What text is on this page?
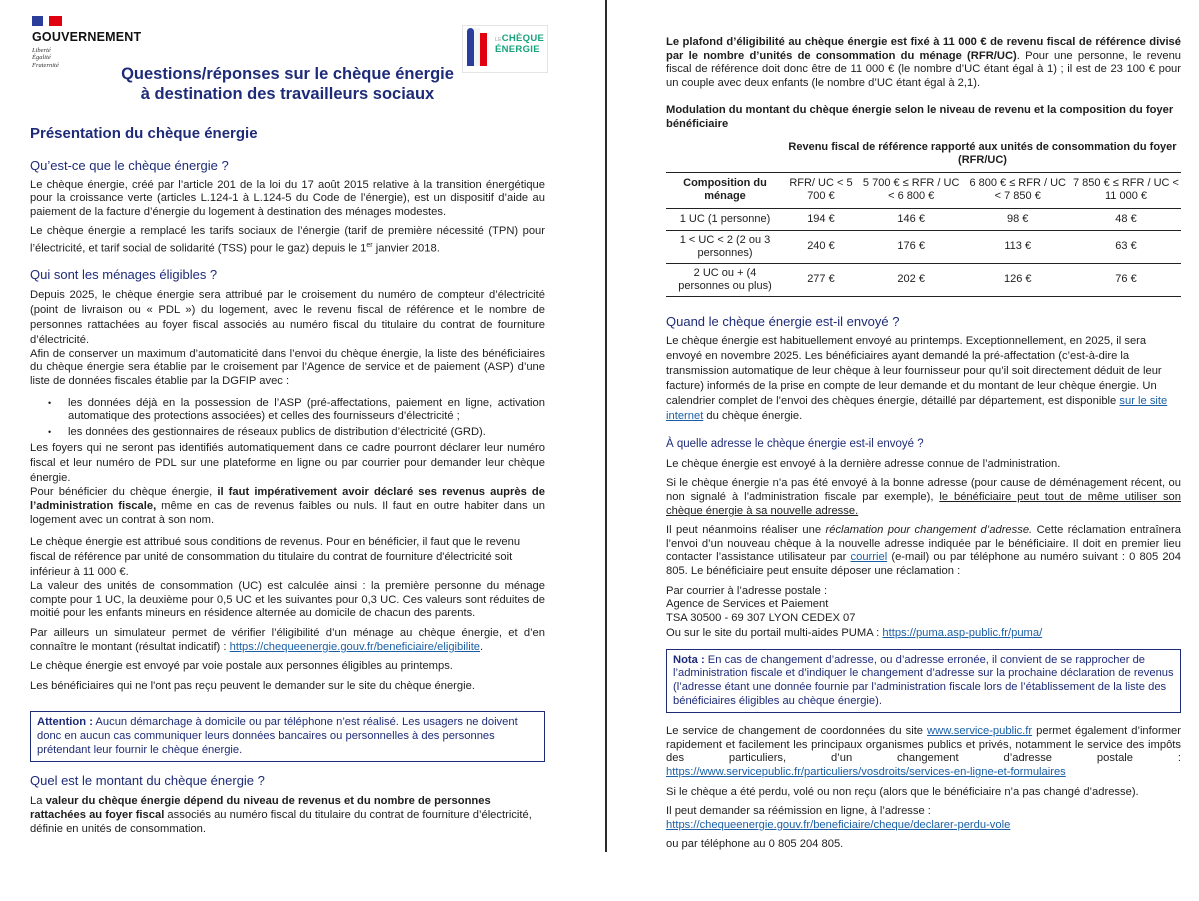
GOUVERNEMENT
Liberté
Égalité
Fraternité
LECHÈQUE
ÉNERGIE
Questions/réponses sur le chèque énergie
à destination des travailleurs sociaux
Présentation du chèque énergie
Qu’est-ce que le chèque énergie ?

Le chèque énergie, créé par l’article 201 de la loi du 17 août 2015 relative à la transition énergétique pour la croissance verte (articles L.124-1 à L.124-5 du Code de l’énergie), est un dispositif d’aide au paiement de la facture d’énergie du logement à destination des ménages modestes.

Le chèque énergie a remplacé les tarifs sociaux de l’énergie (tarif de première nécessité (TPN) pour l’électricité, et tarif social de solidarité (TSS) pour le gaz) depuis le 1er janvier 2018.

Qui sont les ménages éligibles ?

Depuis 2025, le chèque énergie sera attribué par le croisement du numéro de compteur d’électricité (point de livraison ou « PDL ») du logement, avec le revenu fiscal de référence et le nombre de personnes rattachées au foyer fiscal associés au numéro fiscal du titulaire du contrat de fourniture d’électricité.

Afin de conserver un maximum d’automaticité dans l’envoi du chèque énergie, la liste des bénéficiaires du chèque énergie sera établie par le croisement par l’Agence de service et de paiement (ASP) d’une liste de données fiscales établie par la DGFIP avec :

• les données déjà en la possession de l’ASP (pré-affectations, paiement en ligne, activation automatique des protections associées) et celles des fournisseurs d’électricité ;
• les données des gestionnaires de réseaux publics de distribution d’électricité (GRD).

Les foyers qui ne seront pas identifiés automatiquement dans ce cadre pourront déclarer leur numéro fiscal et leur numéro de PDL sur une plateforme en ligne ou par courrier pour demander leur chèque énergie.

Pour bénéficier du chèque énergie, il faut impérativement avoir déclaré ses revenus auprès de l’administration fiscale, même en cas de revenus faibles ou nuls. Il faut en outre habiter dans un logement avec un contrat à son nom.

Le chèque énergie est attribué sous conditions de revenus. Pour en bénéficier, il faut que le revenu fiscal de référence par unité de consommation du titulaire du contrat de fourniture d'électricité soit inférieur à 11 000 €.

La valeur des unités de consommation (UC) est calculée ainsi : la première personne du ménage compte pour 1 UC, la deuxième pour 0,5 UC et les suivantes pour 0,3 UC. Ces valeurs sont réduites de moitié pour les enfants mineurs en résidence alternée au domicile de chacun des parents.

Par ailleurs un simulateur permet de vérifier l’éligibilité d’un ménage au chèque énergie, et d’en connaître le montant (résultat indicatif) : https://chequeenergie.gouv.fr/beneficiaire/eligibilite.

Le chèque énergie est envoyé par voie postale aux personnes éligibles au printemps.

Les bénéficiaires qui ne l'ont pas reçu peuvent le demander sur le site du chèque énergie.

Attention : Aucun démarchage à domicile ou par téléphone n’est réalisé. Les usagers ne doivent donc en aucun cas communiquer leurs données bancaires ou personnelles à des personnes prétendant leur fournir le chèque énergie.
Quel est le montant du chèque énergie ?

La valeur du chèque énergie dépend du niveau de revenus et du nombre de personnes rattachées au foyer fiscal associés au numéro fiscal du titulaire du contrat de fourniture d’électricité, définie en unités de consommation.

Le plafond d’éligibilité au chèque énergie est fixé à 11 000 € de revenu fiscal de référence divisé par le nombre d’unités de consommation du ménage (RFR/UC). Pour une personne, le revenu fiscal de référence doit donc être de 11 000 € (le nombre d’UC étant égal à 1) ; il est de 23 100 € pour un couple avec deux enfants (le nombre d’UC étant égal à 2,1).

Modulation du montant du chèque énergie selon le niveau de revenu et la composition du foyer bénéficiaire

	Revenu fiscal de référence rapporté aux unités de consommation du foyer (RFR/UC)			
Composition du ménage	RFR/ UC < 5 700 €	5 700 € ≤ RFR / UC < 6 800 €	6 800 € ≤ RFR / UC < 7 850 €	7 850 € ≤ RFR / UC < 11 000 €
1 UC (1 personne)	194 €	146 €	98 €	48 €
1 < UC < 2 (2 ou 3 personnes)	240 €	176 €	113 €	63 €
2 UC ou + (4 personnes ou plus)	277 €	202 €	126 €	76 €
Quand le chèque énergie est-il envoyé ?

Le chèque énergie est habituellement envoyé au printemps. Exceptionnellement, en 2025, il sera envoyé en novembre 2025. Les bénéficiaires ayant demandé la pré-affectation (c’est-à-dire la transmission automatique de leur chèque à leur fournisseur pour qu’il soit directement déduit de leur facture) informés de la prise en compte de leur demande et du montant de leur chèque énergie. Un calendrier complet de l’envoi des chèques énergie, détaillé par département, est disponible sur le site internet du chèque énergie.

À quelle adresse le chèque énergie est-il envoyé ?

Le chèque énergie est envoyé à la dernière adresse connue de l’administration.

Si le chèque énergie n’a pas été envoyé à la bonne adresse (pour cause de déménagement récent, ou non signalé à l’administration fiscale par exemple), le bénéficiaire peut tout de même utiliser son chèque énergie à sa nouvelle adresse.

Il peut néanmoins réaliser une réclamation pour changement d’adresse. Cette réclamation entraînera l’envoi d’un nouveau chèque à la nouvelle adresse indiquée par le bénéficiaire. Il doit en premier lieu contacter l’assistance utilisateur par courriel (e-mail) ou par téléphone au numéro suivant : 0 805 204 805. Le bénéficiaire peut ensuite déposer une réclamation :

Par courrier à l’adresse postale :
Agence de Services et Paiement
TSA 30500 - 69 307 LYON CEDEX 07

Ou sur le site du portail multi-aides PUMA : https://puma.asp-public.fr/puma/

Nota : En cas de changement d’adresse, ou d’adresse erronée, il convient de se rapprocher de l’administration fiscale et d’indiquer le changement d’adresse sur la prochaine déclaration de revenus (l’adresse étant une donnée fournie par l’administration fiscale lors de l’établissement de la liste des bénéficiaires éligibles au chèque énergie).

Le service de changement de coordonnées du site www.service-public.fr permet également d’informer rapidement et facilement les principaux organismes publics et privés, notamment le service des impôts des particuliers, d’un changement d’adresse postale : https://www.servicepublic.fr/particuliers/vosdroits/services-en-ligne-et-formulaires

Si le chèque a été perdu, volé ou non reçu (alors que le bénéficiaire n’a pas changé d’adresse).

Il peut demander sa réémission en ligne, à l’adresse : https://chequeenergie.gouv.fr/beneficiaire/cheque/declarer-perdu-vole

ou par téléphone au 0 805 204 805.
